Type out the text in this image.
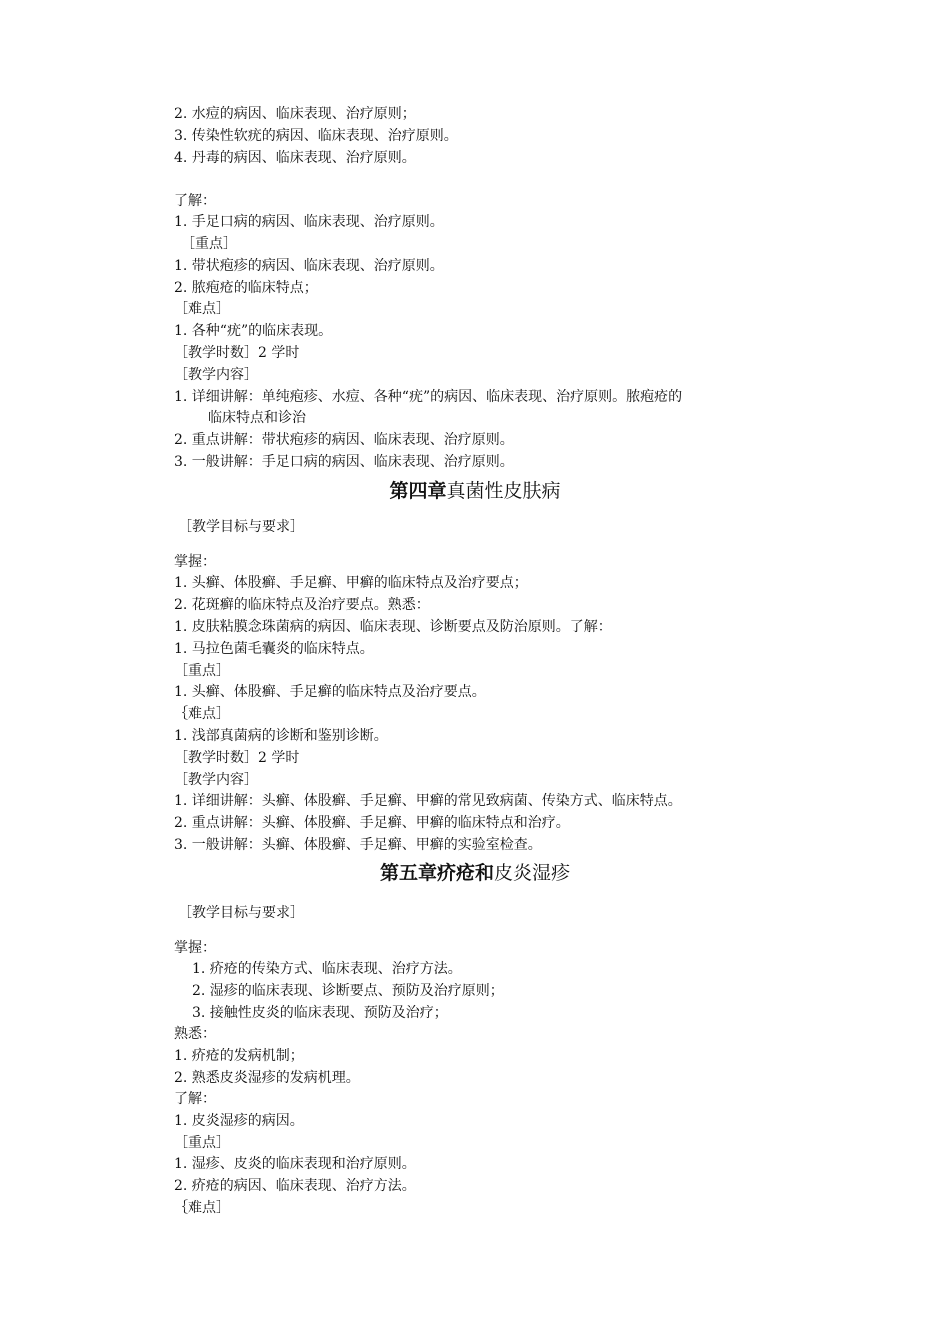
2. 水痘的病因、临床表现、治疗原则；
3. 传染性软疣的病因、临床表现、治疗原则。
4. 丹毒的病因、临床表现、治疗原则。
了解：
1. 手足口病的病因、临床表现、治疗原则。
［重点］
1. 带状疱疹的病因、临床表现、治疗原则。
2. 脓疱疮的临床特点；
［难点］
1. 各种“疣”的临床表现。
［教学时数］2 学时
［教学内容］
1. 详细讲解：单纯疱疹、水痘、各种“疣”的病因、临床表现、治疗原则。脓疱疮的
临床特点和诊治
2. 重点讲解：带状疱疹的病因、临床表现、治疗原则。
3. 一般讲解：手足口病的病因、临床表现、治疗原则。
［教学目标与要求］
掌握：
1. 头癣、体股癣、手足癣、甲癣的临床特点及治疗要点；
2. 花斑癣的临床特点及治疗要点。熟悉：
1. 皮肤粘膜念珠菌病的病因、临床表现、诊断要点及防治原则。了解：
1. 马拉色菌毛囊炎的临床特点。
［重点］
1. 头癣、体股癣、手足癣的临床特点及治疗要点。
｛难点］
1. 浅部真菌病的诊断和鉴别诊断。
［教学时数］2 学时
［教学内容］
1. 详细讲解：头癣、体股癣、手足癣、甲癣的常见致病菌、传染方式、临床特点。
2. 重点讲解：头癣、体股癣、手足癣、甲癣的临床特点和治疗。
3. 一般讲解：头癣、体股癣、手足癣、甲癣的实验室检查。
［教学目标与要求］
掌握：
1. 疥疮的传染方式、临床表现、治疗方法。
2. 湿疹的临床表现、诊断要点、预防及治疗原则；
3. 接触性皮炎的临床表现、预防及治疗；
熟悉：
1. 疥疮的发病机制；
2. 熟悉皮炎湿疹的发病机理。
了解：
1. 皮炎湿疹的病因。
［重点］
1. 湿疹、皮炎的临床表现和治疗原则。
2. 疥疮的病因、临床表现、治疗方法。
｛难点］
第四章真菌性皮肤病
第五章疥疮和皮炎湿疹
